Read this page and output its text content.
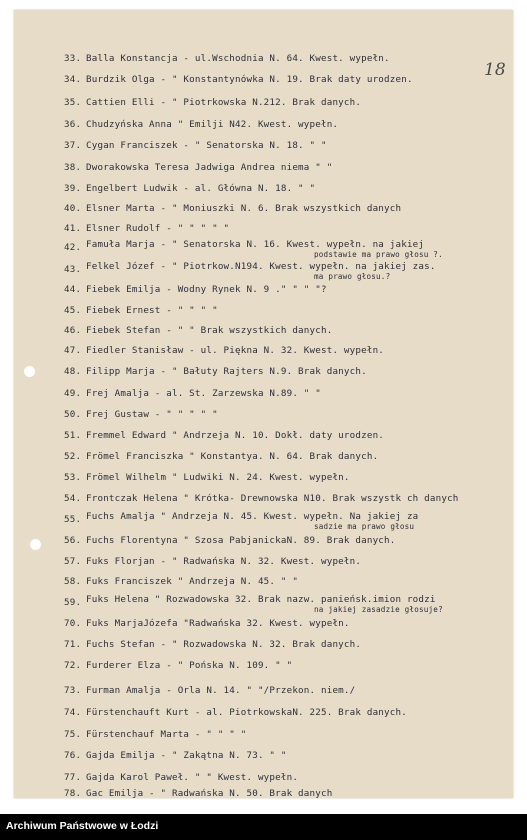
18
33. Balla Konstancja - ul.Wschodnia N. 64. Kwest. wypełn.
34. Burdzik Olga - " Konstantynówka N. 19. Brak daty urodzen.
35. Cattien Elli - " Piotrkowska N.212. Brak danych.
36. Chudzyńska Anna " Emilji N42. Kwest. wypełn.
37. Cygan Franciszek - " Senatorska N. 18. " "
38. Dworakowska Teresa Jadwiga Andrea niema " "
39. Engelbert Ludwik - al. Główna N. 18. " "
40. Elsner Marta - " Moniuszki N. 6. Brak wszystkich danych
41. Elsner Rudolf - " " " " "
42. Famuła Marja - " Senatorska N. 16. Kwest. wypełn. na jakiej
podstawie ma prawo głosu ?.
43. Felkel Józef - " Piotrkow.N194. Kwest. wypełn. na jakiej zas.
ma prawo głosu.?
44. Fiebek Emilja - Wodny Rynek N. 9 ." " " "?
45. Fiebek Ernest - " " " "
46. Fiebek Stefan - " " Brak wszystkich danych.
47. Fiedler Stanisław - ul. Piękna N. 32. Kwest. wypełn.
48. Filipp Marja - " Bałuty Rajters N.9. Brak danych.
49. Frej Amalja - al. St. Zarzewska N.89. " "
50. Frej Gustaw - " " " " "
51. Fremmel Edward " Andrzeja N. 10. Dokł. daty urodzen.
52. Frömel Franciszka " Konstantya. N. 64. Brak danych.
53. Frömel Wilhelm " Ludwiki N. 24. Kwest. wypełn.
54. Frontczak Helena " Krótka- Drewnowska N10. Brak wszystk ch danych
55. Fuchs Amalja " Andrzeja N. 45. Kwest. wypełn. Na jakiej za
sadzie ma prawo głosu
56. Fuchs Florentyna " Szosa PabjanickaN. 89. Brak danych.
57. Fuks Florjan - " Radwańska N. 32. Kwest. wypełn.
58. Fuks Franciszek " Andrzeja N. 45. " "
59. Fuks Helena " Rozwadowska 32. Brak nazw. panieńsk.imion rodzi
na jakiej zasadzie głosuje?
70. Fuks MarjaJózefa "Radwańska 32. Kwest. wypełn.
71. Fuchs Stefan - " Rozwadowska N. 32. Brak danych.
72. Furderer Elza - " Pońska N. 109. " "
73. Furman Amalja - Orla N. 14. " "/Przekon. niem./
74. Fürstenchauft Kurt - al. PiotrkowskaN. 225. Brak danych.
75. Fürstenchauf Marta - " " " "
76. Gajda Emilja - " Zakątna N. 73. " "
77. Gajda Karol Paweł. " " Kwest. wypełn.
78. Gac Emilja - " Radwańska N. 50. Brak danych
Archiwum Państwowe w Łodzi
